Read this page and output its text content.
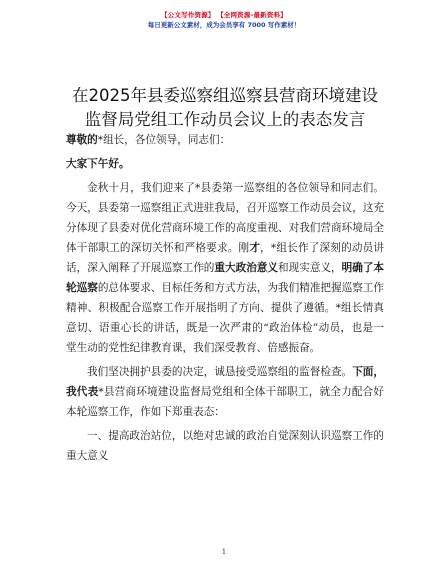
【公文写作资源】 【全网资源-最新资料】
每日更新公文素材，成为会员享有 7000 写作素材！
在2025年县委巡察组巡察县营商环境建设监督局党组工作动员会议上的表态发言

尊敬的*组长，各位领导，同志们：

大家下午好。

金秋十月，我们迎来了*县委第一巡察组的各位领导和同志们。今天，县委第一巡察组正式进驻我局，召开巡察工作动员会议，这充分体现了县委对优化营商环境工作的高度重视、对我们营商环境局全体干部职工的深切关怀和严格要求。刚才，*组长作了深刻的动员讲话，深入阐释了开展巡察工作的重大政治意义和现实意义，明确了本轮巡察的总体要求、目标任务和方式方法，为我们精准把握巡察工作精神、积极配合巡察工作开展指明了方向、提供了遵循。*组长情真意切、语重心长的讲话，既是一次严肃的“政治体检”动员，也是一堂生动的党性纪律教育课，我们深受教育、倍感振奋。

我们坚决拥护县委的决定，诚恳接受巡察组的监督检查。下面，我代表*县营商环境建设监督局党组和全体干部职工，就全力配合好本轮巡察工作，作如下郑重表态：

一、提高政治站位，以绝对忠诚的政治自觉深刻认识巡察工作的重大意义

1
